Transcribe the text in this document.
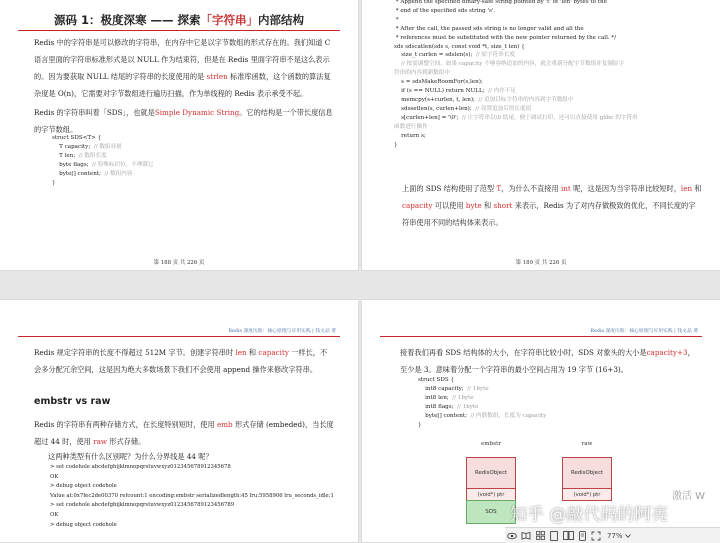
源码 1：极度深寒 —— 探索「字符串」内部结构
Redis 中的字符串是可以修改的字符串，在内存中它是以字节数组的形式存在的。我们知道 C 语言里面的字符串标准形式是以 NULL 作为结束符，但是在 Redis 里面字符串不是这么表示的。因为要获取 NULL 结尾的字符串的长度使用的是 strlen 标准库函数，这个函数的算法复杂度是 O(n)，它需要对字节数组进行遍历扫描，作为单线程的 Redis 表示承受不起。
Redis 的字符串叫着「SDS」，也就是Simple Dynamic String。它的结构是一个带长度信息的字节数组。
struct SDS<T> {
T capacity;  // 数组容量
T len;  // 数组长度
byte flags;  // 特殊标识位，不理睬它
byte[] content;  // 数组内容
}
第 188 页 共 226 页
* Append the specified binary-safe string pointed by 't' of 'len' bytes to the
* end of the specified sds string 's'.
*
* After the call, the passed sds string is no longer valid and all the
* references must be substituted with the new pointer returned by the call. */
sds sdscatlen(sds s, const void *t, size_t len) {
size_t curlen = sdslen(s);  // 原字符串长度
// 按需调整空间，如果 capacity 不够容纳追加的内容，就会重新分配字节数组并复制原字
符串的内容到新数组中
s = sdsMakeRoomFor(s,len);
if (s == NULL) return NULL;  // 内存不足
memcpy(s+curlen, t, len);  // 追加目标字符串的内容到字节数组中
sdssetlen(s, curlen+len);  // 设置追加后的长度值
s[curlen+len] = '\0';  // 让字符串以\0 结尾，便于调试打印，还可以直接使用 glibc 的字符串
函数进行操作
return s;
}
上面的 SDS 结构使用了范型 T，为什么不直接用 int 呢，这是因为当字符串比较短时，len 和 capacity 可以使用 byte 和 short 来表示，Redis 为了对内存做极致的优化，不同长度的字符串使用不同的结构体来表示。
第 189 页 共 226 页
Redis 深度历险：核心原理与应用实践 | 钱文品 著
Redis 规定字符串的长度不得超过 512M 字节。创建字符串时 len 和 capacity 一样长，不会多分配冗余空间，这是因为绝大多数场景下我们不会使用 append 操作来修改字符串。
embstr vs raw
Redis 的字符串有两种存储方式，在长度特别短时，使用 emb 形式存储 (embeded)，当长度超过 44 时，使用 raw 形式存储。
这两种类型有什么区别呢？为什么分界线是 44 呢？
> set codehole abcdefghijklmnopqrstuvwxyz012345678912345678
OK
> debug object codehole
Value at:0x7fec2de00370 refcount:1 encoding:embstr serializedlength:45 lru:5958906 lru_seconds_idle:1
> set codehole abcdefghijklmnopqrstuvwxyz0123456789123456789
OK
> debug object codehole
Redis 深度历险：核心原理与应用实践 | 钱文品 著
接着我们再看 SDS 结构体的大小，在字符串比较小时，SDS 对象头的大小是capacity+3，至少是 3。意味着分配一个字符串的最小空间占用为 19 字节 (16+3)。
struct SDS {
int8 capacity;  // 1byte
int8 len;  // 1byte
int8 flags;  // 1byte
byte[] content;  // 内联数组，长度为 capacity
}
embstr	raw
RedisObject
(void*) ptr
SDS
RedisObject
(void*) ptr	激活 W
知乎 @敲代码的阿亮
77%
